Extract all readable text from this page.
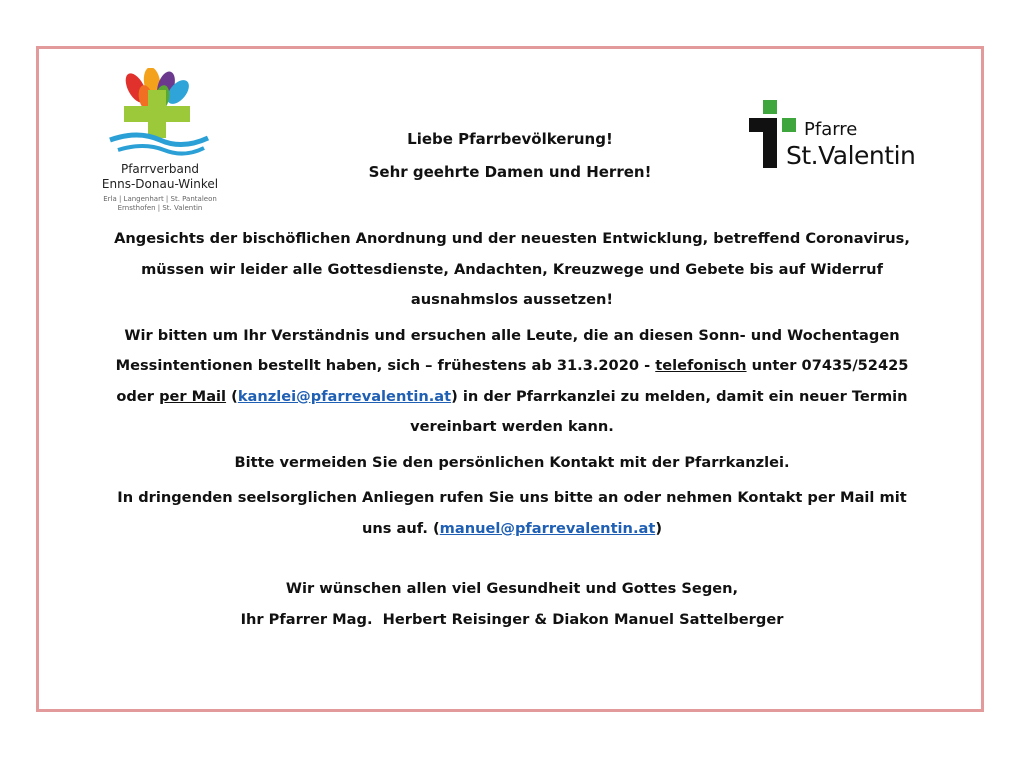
Pfarrverband
Enns-Donau-Winkel
Erla | Langenhart | St. Pantaleon
Ernsthofen | St. Valentin
Liebe Pfarrbevölkerung!
Sehr geehrte Damen und Herren!
Pfarre
St.Valentin
Angesichts der bischöflichen Anordnung und der neuesten Entwicklung, betreffend Coronavirus,
müssen wir leider alle Gottesdienste, Andachten, Kreuzwege und Gebete bis auf Widerruf
ausnahmslos aussetzen!
Wir bitten um Ihr Verständnis und ersuchen alle Leute, die an diesen Sonn- und Wochentagen
Messintentionen bestellt haben, sich – frühestens ab 31.3.2020 - telefonisch unter 07435/52425
oder per Mail (kanzlei@pfarrevalentin.at) in der Pfarrkanzlei zu melden, damit ein neuer Termin
vereinbart werden kann.
Bitte vermeiden Sie den persönlichen Kontakt mit der Pfarrkanzlei.
In dringenden seelsorglichen Anliegen rufen Sie uns bitte an oder nehmen Kontakt per Mail mit
uns auf. (manuel@pfarrevalentin.at)
Wir wünschen allen viel Gesundheit und Gottes Segen,
Ihr Pfarrer Mag.  Herbert Reisinger & Diakon Manuel Sattelberger
